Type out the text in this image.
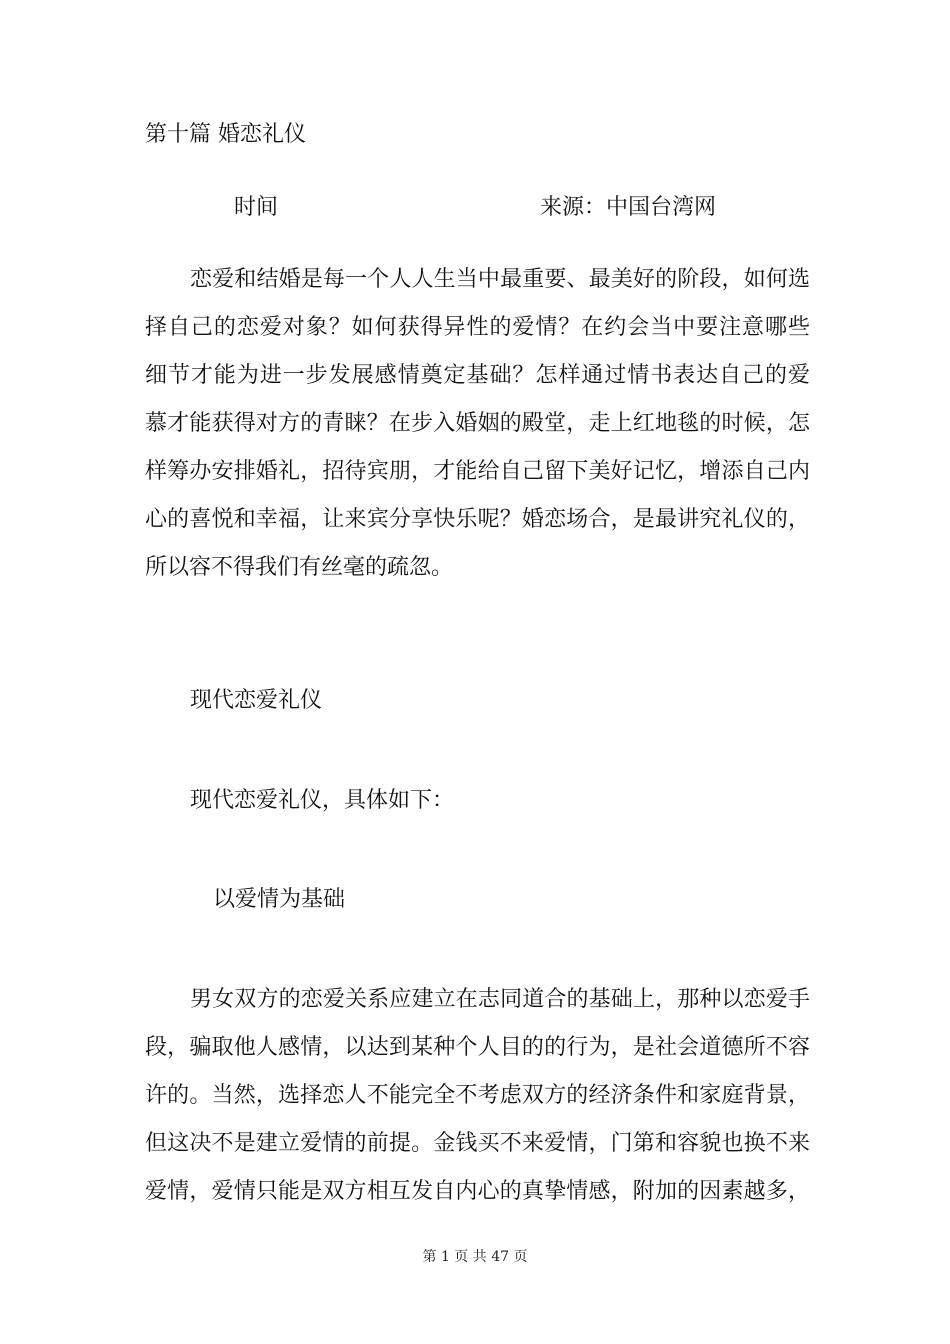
第十篇 婚恋礼仪
时间	来源：中国台湾网
恋爱和结婚是每一个人人生当中最重要、最美好的阶段，如何选
择自己的恋爱对象？如何获得异性的爱情？在约会当中要注意哪些
细节才能为进一步发展感情奠定基础？怎样通过情书表达自己的爱
慕才能获得对方的青睐？在步入婚姻的殿堂，走上红地毯的时候，怎
样筹办安排婚礼，招待宾朋，才能给自己留下美好记忆，增添自己内
心的喜悦和幸福，让来宾分享快乐呢？婚恋场合，是最讲究礼仪的，
所以容不得我们有丝毫的疏忽。
现代恋爱礼仪
现代恋爱礼仪，具体如下：
以爱情为基础
男女双方的恋爱关系应建立在志同道合的基础上，那种以恋爱手
段，骗取他人感情，以达到某种个人目的的行为，是社会道德所不容
许的。当然，选择恋人不能完全不考虑双方的经济条件和家庭背景，
但这决不是建立爱情的前提。金钱买不来爱情，门第和容貌也换不来
爱情，爱情只能是双方相互发自内心的真挚情感，附加的因素越多，
第 1 页 共 47 页
